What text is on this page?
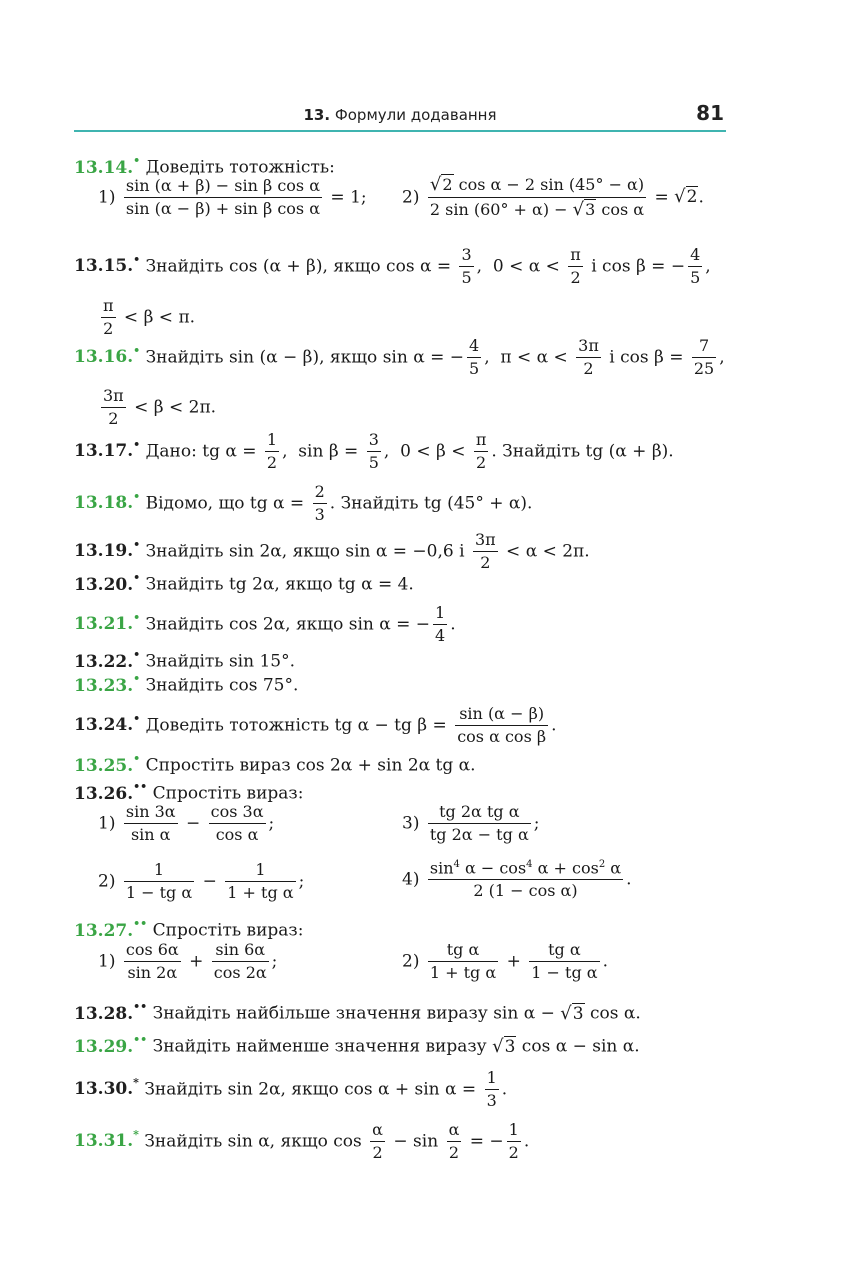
13. Формули додавання	81
13.14.• Доведіть тотожність:
$1) \frac{\text{sin (α + β) − sin β cos α}}{\text{sin (α − β) + sin β cos α}} = 1$; $2) \frac{\text{√2 cos α − 2 sin (45° − α)}}{\text{2 sin (60° + α) − √3 cos α}} = √2$.
13.15.• Знайдіть cos (α + β), якщо $\cos \alpha = \frac{3}{5}$ ,  $0 < \alpha < \frac{\pi}{2}$ і cos β = − $\frac{4}{5}$ ,
$\frac{\pi}{2} < \beta < \pi$.
13.16.• Знайдіть sin (α − β), якщо sin α = − $\frac{4}{5}$ ,  $\pi < \alpha < \frac{3\pi}{2}$ і $\cos \beta = \frac{7}{25}$ ,
$\frac{3\pi}{2} < \beta < 2\pi$.
13.17.• Дано: tg $\alpha = \frac{1}{2}$ ,  $\sin \beta = \frac{3}{5}$ ,  $0 < \beta < \frac{\pi}{2}$ . Знайдіть tg (α + β).
13.18.• Відомо, що tg $\alpha = \frac{2}{3}$ . Знайдіть tg (45° + α).
13.19.• Знайдіть sin 2α, якщо sin α = −0,6 і $\frac{3\pi}{2} < \alpha < 2\pi$.
13.20.• Знайдіть tg 2α, якщо tg α = 4.
13.21.• Знайдіть cos 2α, якщо sin α = − $\frac{1}{4}$ .
13.22.• Знайдіть sin 15°.
13.23.• Знайдіть cos 75°.
13.24.• Доведіть тотожність tg α − tg $\beta = \frac{\sin (\alpha - \beta)}{\text{cos α cos β}}$ .
13.25.• Спростіть вираз cos 2α + sin 2α tg α.
13.26.•• Спростіть вираз:
$1) \frac{\sin 3\alpha}{\text{sin α}} - \frac{\cos 3\alpha}{\text{cos α}}$ ;	$3) \frac{\text{tg 2α tg α}}{\text{tg 2α − tg α}}$ ;
$2) \frac{1}{\text{1 − tg α}} - \frac{1}{\text{1 + tg α}}$ ;	$4) \frac{\sin^4 \alpha - \cos^4 \alpha + \cos^2 \alpha}{\text{2 (1 − cos α)}}$ .
13.27.•• Спростіть вираз:
$1) \frac{\cos 6\alpha}{\sin 2\alpha} + \frac{\sin 6\alpha}{\cos 2\alpha}$ ;	$2) \frac{\text{tg α}}{\text{1 + tg α}} + \frac{\text{tg α}}{\text{1 − tg α}}$ .
13.28.•• Знайдіть найбільше значення виразу sin α − √3 cos α.
13.29.•• Знайдіть найменше значення виразу √3 cos α − sin α.
13.30.* Знайдіть sin 2α, якщо $\cos \alpha + \sin \alpha = \frac{1}{3}$ .
13.31.* Знайдіть sin α, якщо $\cos \frac{\alpha}{2} - \sin \frac{\alpha}{2}$ = − $\frac{1}{2}$ .
